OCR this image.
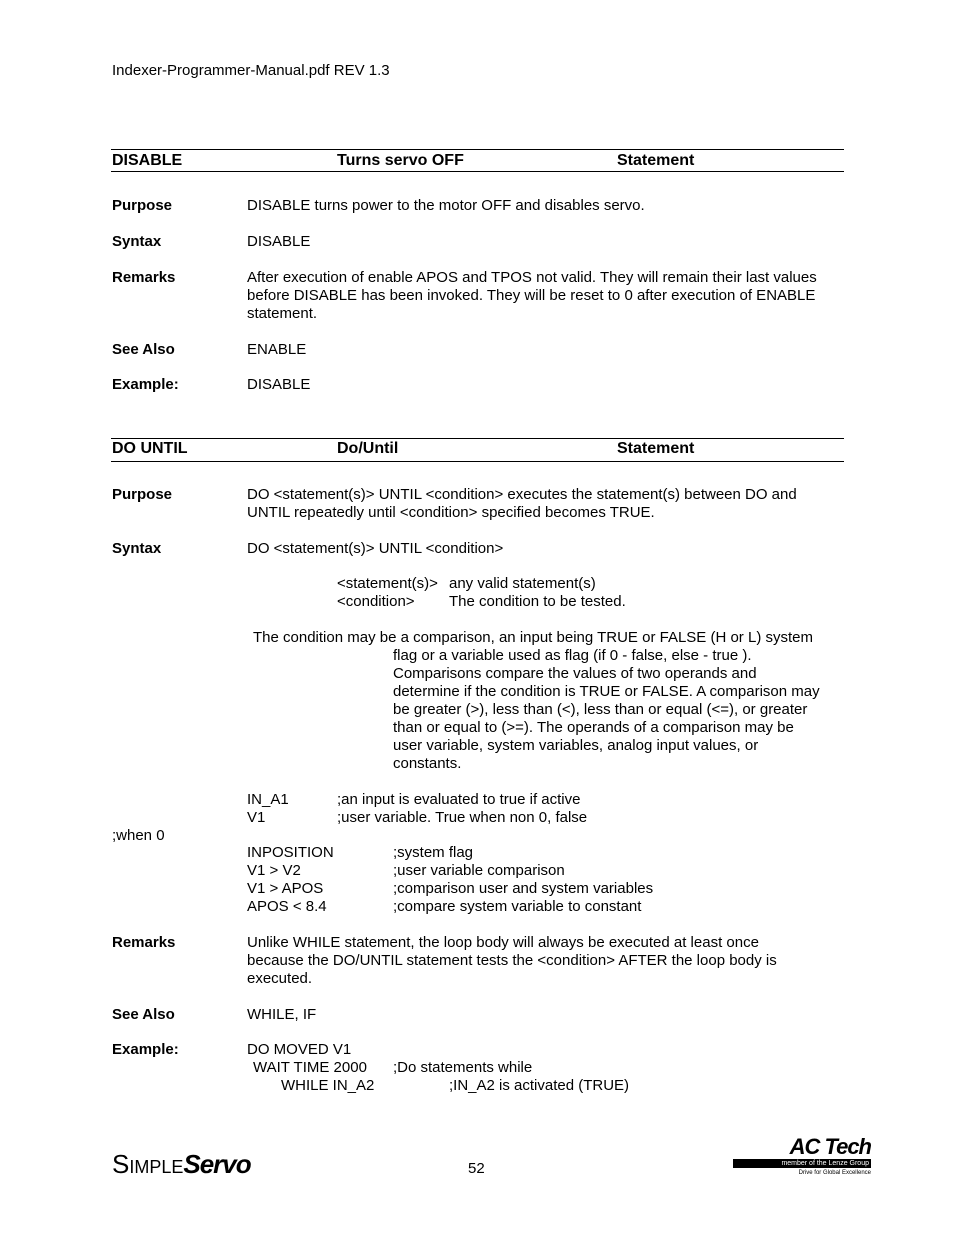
Indexer-Programmer-Manual.pdf REV 1.3
DISABLE	Turns servo OFF	Statement
Purpose	DISABLE turns power to the motor OFF and disables servo.
Syntax	DISABLE
Remarks	After execution of enable APOS and TPOS not valid. They will remain their last values
before DISABLE has been invoked. They will be reset to 0 after execution of ENABLE
statement.
See Also	ENABLE
Example:	DISABLE
DO UNTIL	Do/Until	Statement
Purpose	DO <statement(s)> UNTIL <condition> executes the statement(s) between DO and
UNTIL repeatedly until <condition> specified becomes TRUE.
Syntax	DO <statement(s)> UNTIL <condition>
<statement(s)> any valid statement(s)
<condition> The condition to be tested.
The condition may be a comparison, an input being TRUE or FALSE (H or L) system
flag or a variable used as flag (if 0 - false, else - true ).
Comparisons compare the values of two operands and
determine if the condition is TRUE or FALSE. A comparison may
be greater (>), less than (<), less than or equal (<=), or greater
than or equal to (>=). The operands of a comparison may be
user variable, system variables, analog input values, or
constants.
IN_A1	;an input is evaluated to true if active
V1	;user variable. True when non 0, false
;when 0
INPOSITION	;system flag
V1 > V2	;user variable comparison
V1 > APOS	;comparison user and system variables
APOS < 8.4	;compare system variable to constant
Remarks	Unlike WHILE statement, the loop body will always be executed at least once
because the DO/UNTIL statement tests the <condition> AFTER the loop body is
executed.
See Also	WHILE, IF
Example:	DO MOVED V1
WAIT TIME 2000 ;Do statements while
WHILE IN_A2	;IN_A2 is activated (TRUE)
SimpleServo	52
AC Tech
member of the Lenze Group
Drive for Global Excellence
